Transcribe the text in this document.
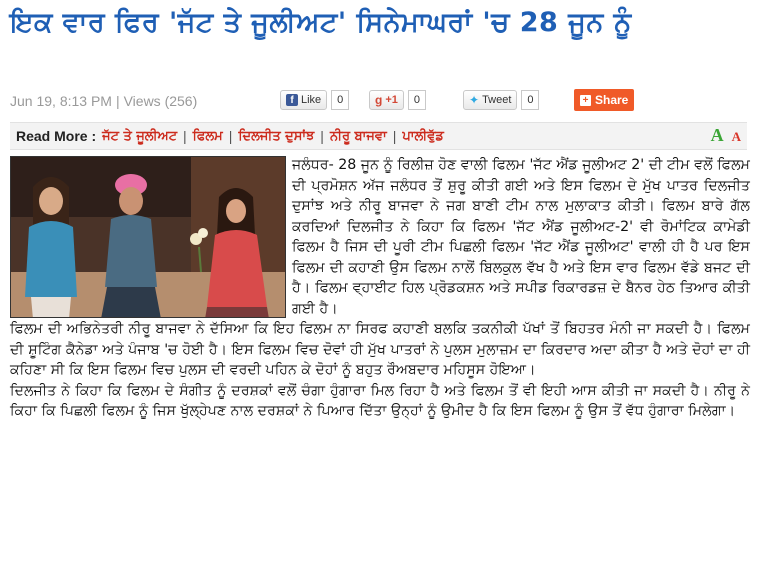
ਇਕ ਵਾਰ ਫਿਰ 'ਜੱਟ ਤੇ ਜੂਲੀਅਟ' ਸਿਨੇਮਾਘਰਾਂ 'ਚ 28 ਜੂਨ ਨੂੰ
Jun 19, 8:13 PM | Views (256)	f Like	0	g +1	0	✦ Tweet	0	+ Share
Read More : ਜੱਟ ਤੇ ਜੂਲੀਅਟ | ਫਿਲਮ | ਦਿਲਜੀਤ ਦੁਸਾਂਝ | ਨੀਰੂ ਬਾਜਵਾ | ਪਾਲੀਵੁੱਡ	A A

ਜਲੰਧਰ- 28 ਜੂਨ ਨੂੰ ਰਿਲੀਜ਼ ਹੋਣ ਵਾਲੀ ਫਿਲਮ 'ਜੱਟ ਐਂਡ ਜੂਲੀਅਟ 2' ਦੀ ਟੀਮ ਵਲੋਂ ਫਿਲਮ ਦੀ ਪ੍ਰਮੋਸ਼ਨ ਅੱਜ ਜਲੰਧਰ ਤੋਂ ਸ਼ੁਰੂ ਕੀਤੀ ਗਈ ਅਤੇ ਇਸ ਫਿਲਮ ਦੇ ਮੁੱਖ ਪਾਤਰ ਦਿਲਜੀਤ ਦੁਸਾਂਝ ਅਤੇ ਨੀਰੂ ਬਾਜਵਾ ਨੇ ਜਗ ਬਾਣੀ ਟੀਮ ਨਾਲ ਮੁਲਾਕਾਤ ਕੀਤੀ। ਫਿਲਮ ਬਾਰੇ ਗੱਲ ਕਰਦਿਆਂ ਦਿਲਜੀਤ ਨੇ ਕਿਹਾ ਕਿ ਫਿਲਮ 'ਜੱਟ ਐਂਡ ਜੂਲੀਅਟ-2' ਵੀ ਰੋਮਾਂਟਿਕ ਕਾਮੇਡੀ ਫਿਲਮ ਹੈ ਜਿਸ ਦੀ ਪੂਰੀ ਟੀਮ ਪਿਛਲੀ ਫਿਲਮ 'ਜੱਟ ਐਂਡ ਜੂਲੀਅਟ' ਵਾਲੀ ਹੀ ਹੈ ਪਰ ਇਸ ਫਿਲਮ ਦੀ ਕਹਾਣੀ ਉਸ ਫਿਲਮ ਨਾਲੋਂ ਬਿਲਕੁਲ ਵੱਖ ਹੈ ਅਤੇ ਇਸ ਵਾਰ ਫਿਲਮ ਵੱਡੇ ਬਜਟ ਦੀ ਹੈ। ਫਿਲਮ ਵ੍ਹਾਈਟ ਹਿਲ ਪ੍ਰੋਡਕਸ਼ਨ ਅਤੇ ਸਪੀਡ ਰਿਕਾਰਡਜ਼ ਦੇ ਬੈਨਰ ਹੇਠ ਤਿਆਰ ਕੀਤੀ ਗਈ ਹੈ।

ਫਿਲਮ ਦੀ ਅਭਿਨੇਤਰੀ ਨੀਰੂ ਬਾਜਵਾ ਨੇ ਦੱਸਿਆ ਕਿ ਇਹ ਫਿਲਮ ਨਾ ਸਿਰਫ ਕਹਾਣੀ ਬਲਕਿ ਤਕਨੀਕੀ ਪੱਖਾਂ ਤੋਂ ਬਿਹਤਰ ਮੰਨੀ ਜਾ ਸਕਦੀ ਹੈ। ਫਿਲਮ ਦੀ ਸ਼ੂਟਿੰਗ ਕੈਨੇਡਾ ਅਤੇ ਪੰਜਾਬ 'ਚ ਹੋਈ ਹੈ। ਇਸ ਫਿਲਮ ਵਿਚ ਦੋਵਾਂ ਹੀ ਮੁੱਖ ਪਾਤਰਾਂ ਨੇ ਪੁਲਸ ਮੁਲਾਜ਼ਮ ਦਾ ਕਿਰਦਾਰ ਅਦਾ ਕੀਤਾ ਹੈ ਅਤੇ ਦੋਹਾਂ ਦਾ ਹੀ ਕਹਿਣਾ ਸੀ ਕਿ ਇਸ ਫਿਲਮ ਵਿਚ ਪੁਲਸ ਦੀ ਵਰਦੀ ਪਹਿਨ ਕੇ ਦੋਹਾਂ ਨੂੰ ਬਹੁਤ ਰੌਅਬਦਾਰ ਮਹਿਸੂਸ ਹੋਇਆ।

ਦਿਲਜੀਤ ਨੇ ਕਿਹਾ ਕਿ ਫਿਲਮ ਦੇ ਸੰਗੀਤ ਨੂੰ ਦਰਸ਼ਕਾਂ ਵਲੋਂ ਚੰਗਾ ਹੁੰਗਾਰਾ ਮਿਲ ਰਿਹਾ ਹੈ ਅਤੇ ਫਿਲਮ ਤੋਂ ਵੀ ਇਹੀ ਆਸ ਕੀਤੀ ਜਾ ਸਕਦੀ ਹੈ। ਨੀਰੂ ਨੇ ਕਿਹਾ ਕਿ ਪਿਛਲੀ ਫਿਲਮ ਨੂੰ ਜਿਸ ਖੁੱਲ੍ਹੇਪਣ ਨਾਲ ਦਰਸ਼ਕਾਂ ਨੇ ਪਿਆਰ ਦਿੱਤਾ ਉਨ੍ਹਾਂ ਨੂੰ ਉਮੀਦ ਹੈ ਕਿ ਇਸ ਫਿਲਮ ਨੂੰ ਉਸ ਤੋਂ ਵੱਧ ਹੁੰਗਾਰਾ ਮਿਲੇਗਾ।
